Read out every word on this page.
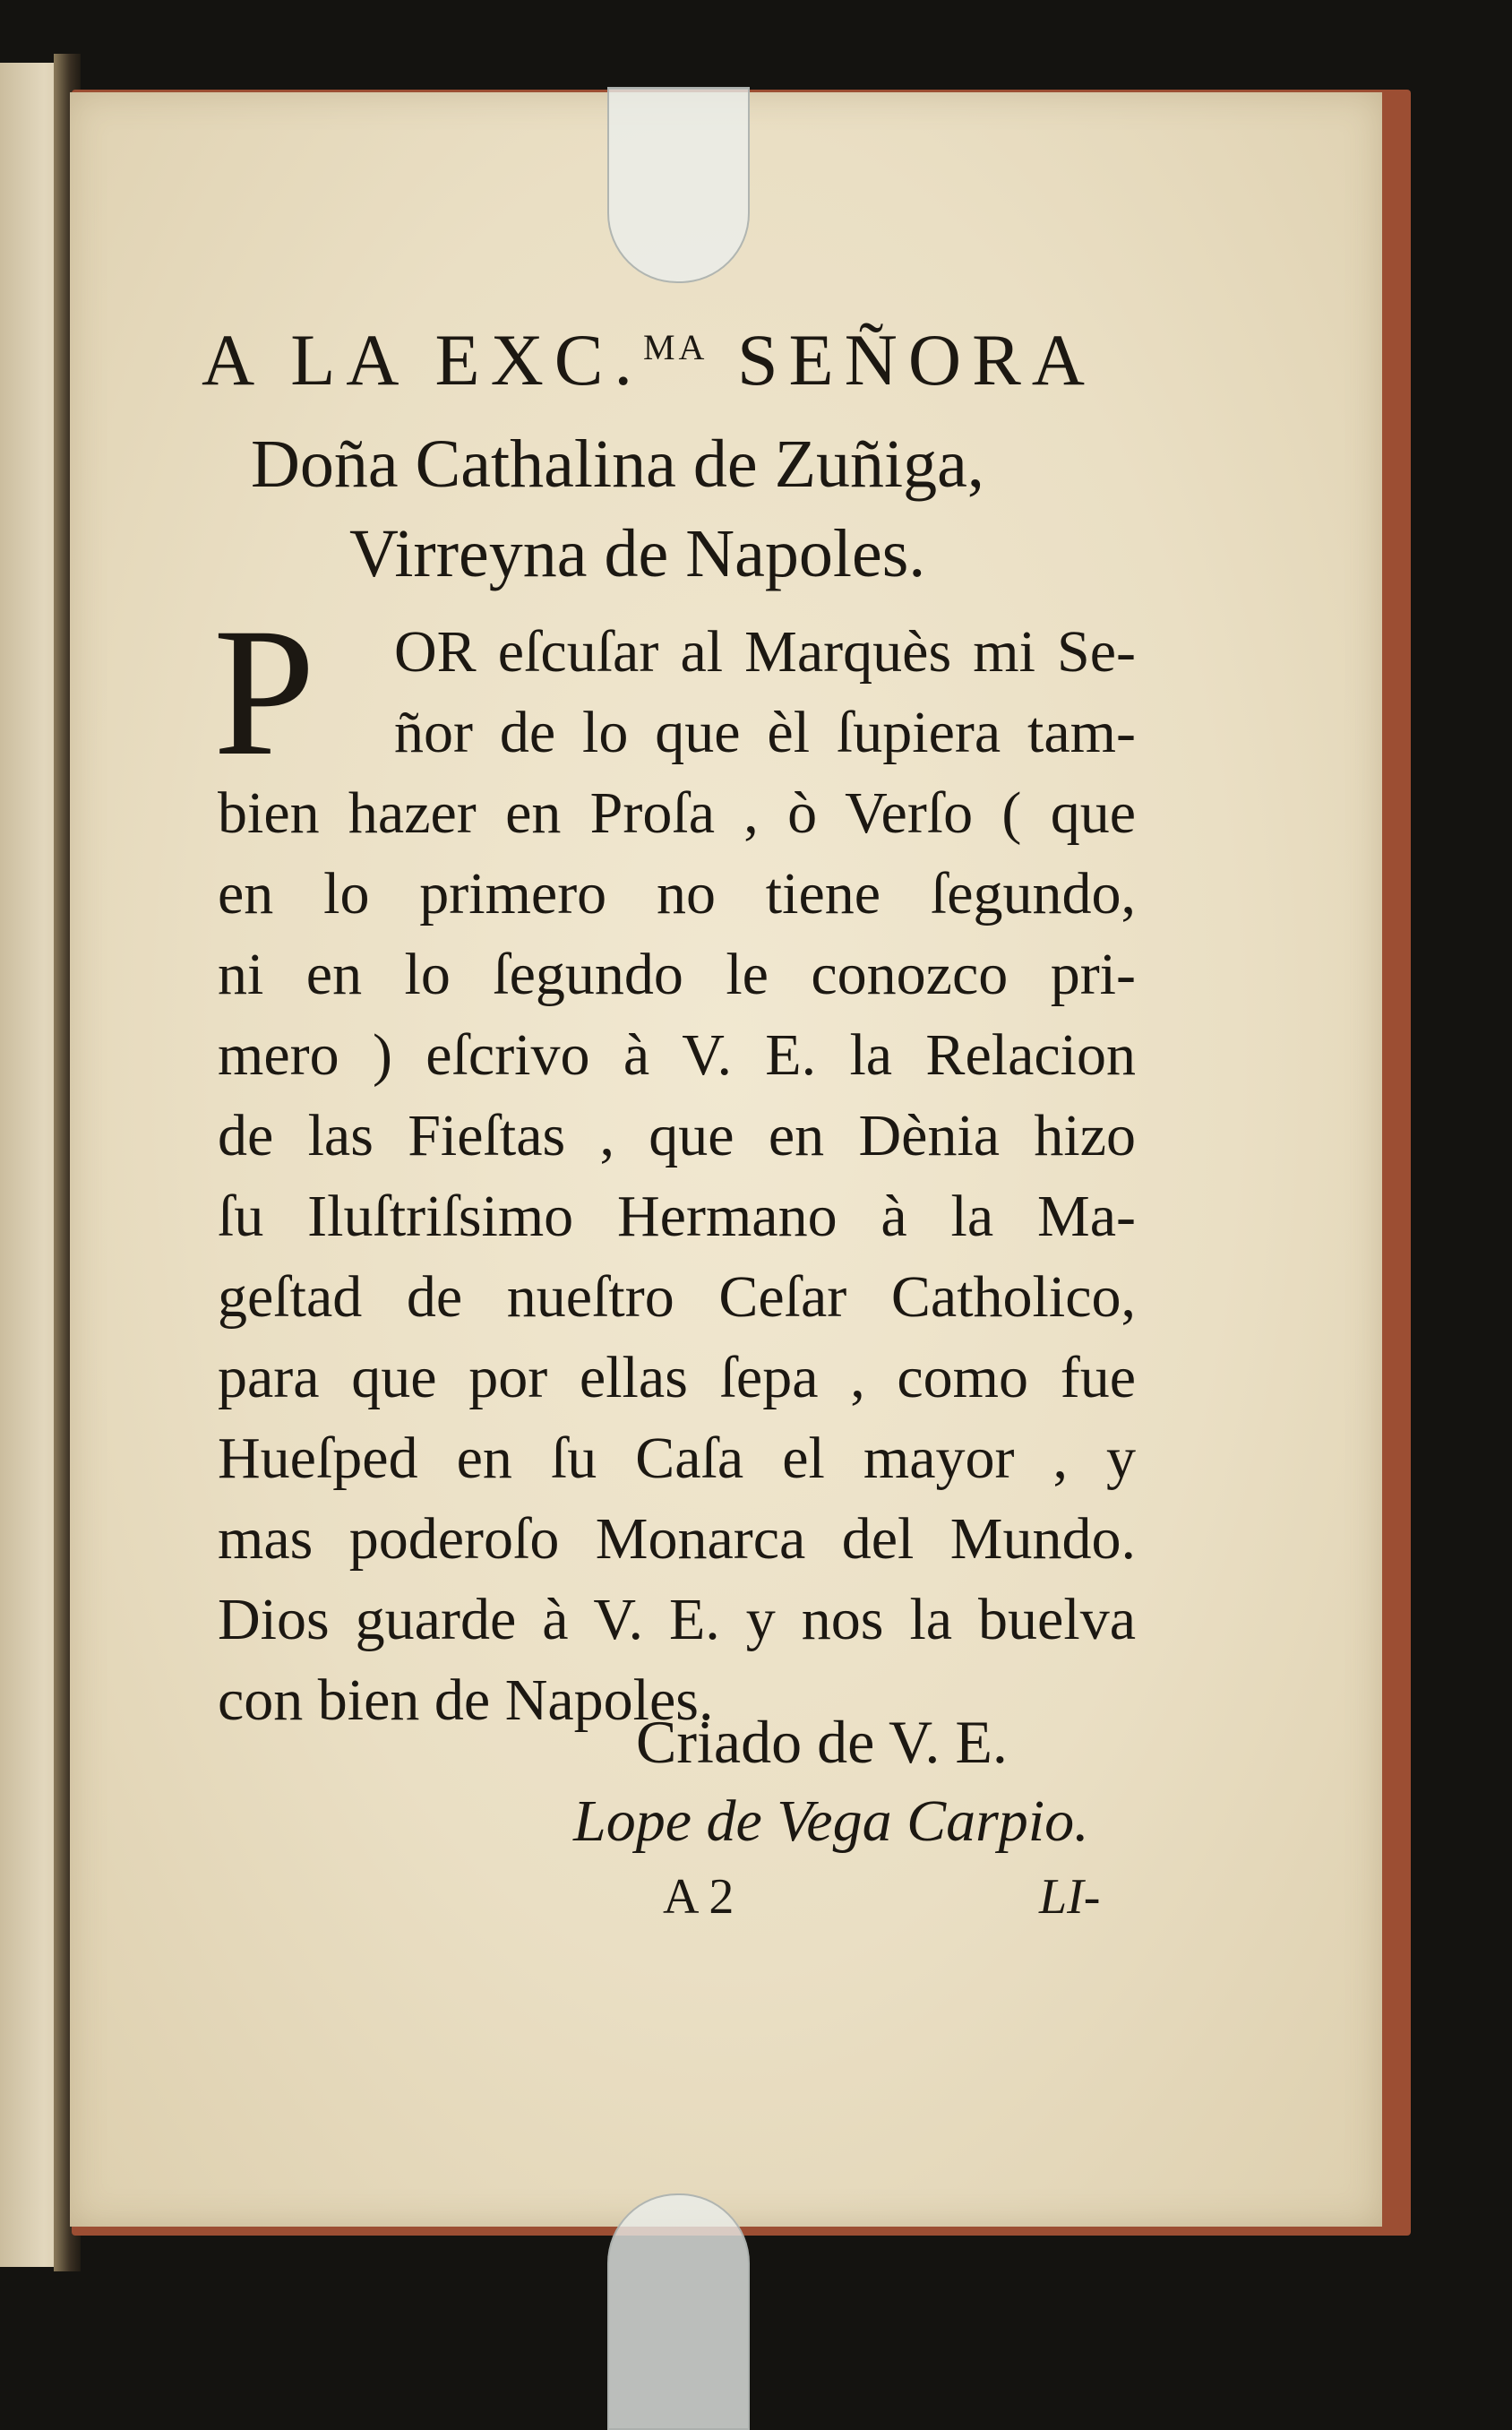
A LA EXC.$^{MA}$ SEÑORA
Doña Cathalina de Zuñiga,
Virreyna de Napoles.
P OR eſcuſar al Marquès mi Se-
ñor de lo que èl ſupiera tam-
bien hazer en Proſa , ò Verſo ( que
en lo primero no tiene ſegundo,
ni en lo ſegundo le conozco pri-
mero ) eſcrivo à V. E. la Relacion
de las Fieſtas , que en Dènia hizo
ſu Iluſtriſsimo Hermano à la Ma-
geſtad de nueſtro Ceſar Catholico,
para que por ellas ſepa , como fue
Hueſped en ſu Caſa el mayor , y
mas poderoſo Monarca del Mundo.
Dios guarde à V. E. y nos la buelva
con bien de Napoles.
Criado de V. E.
Lope de Vega Carpio.
A 2	LI-
